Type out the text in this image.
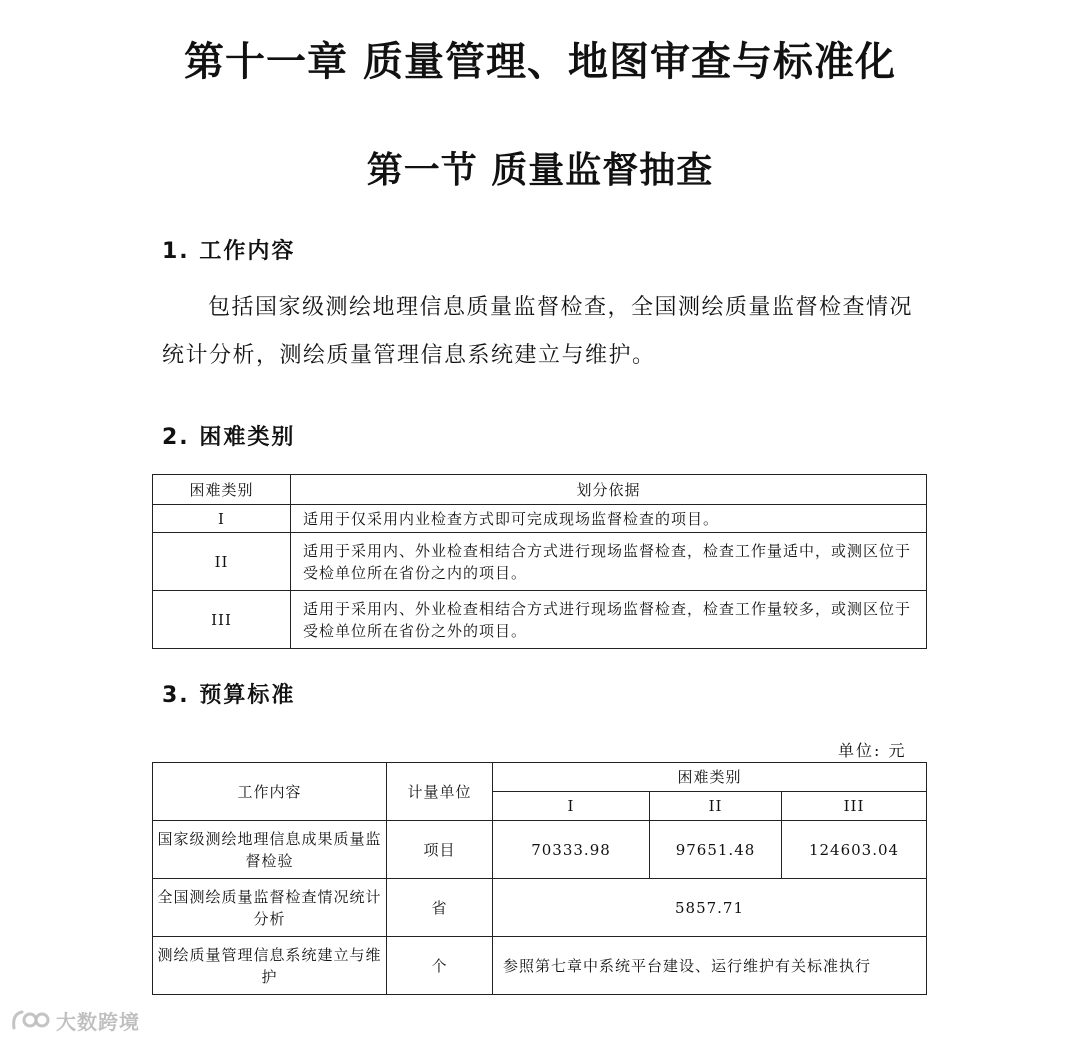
第十一章 质量管理、地图审查与标准化
第一节 质量监督抽查
1. 工作内容
包括国家级测绘地理信息质量监督检查，全国测绘质量监督检查情况统计分析，测绘质量管理信息系统建立与维护。
2. 困难类别
困难类别	划分依据
I	适用于仅采用内业检查方式即可完成现场监督检查的项目。
II	适用于采用内、外业检查相结合方式进行现场监督检查，检查工作量适中，或测区位于受检单位所在省份之内的项目。
III	适用于采用内、外业检查相结合方式进行现场监督检查，检查工作量较多，或测区位于受检单位所在省份之外的项目。
3. 预算标准
单位: 元
工作内容	计量单位	困难类别		
		I	II	III
国家级测绘地理信息成果质量监督检验	项目	70333.98	97651.48	124603.04
全国测绘质量监督检查情况统计分析	省	5857.71		
测绘质量管理信息系统建立与维护	个	参照第七章中系统平台建设、运行维护有关标准执行		
大数跨境
